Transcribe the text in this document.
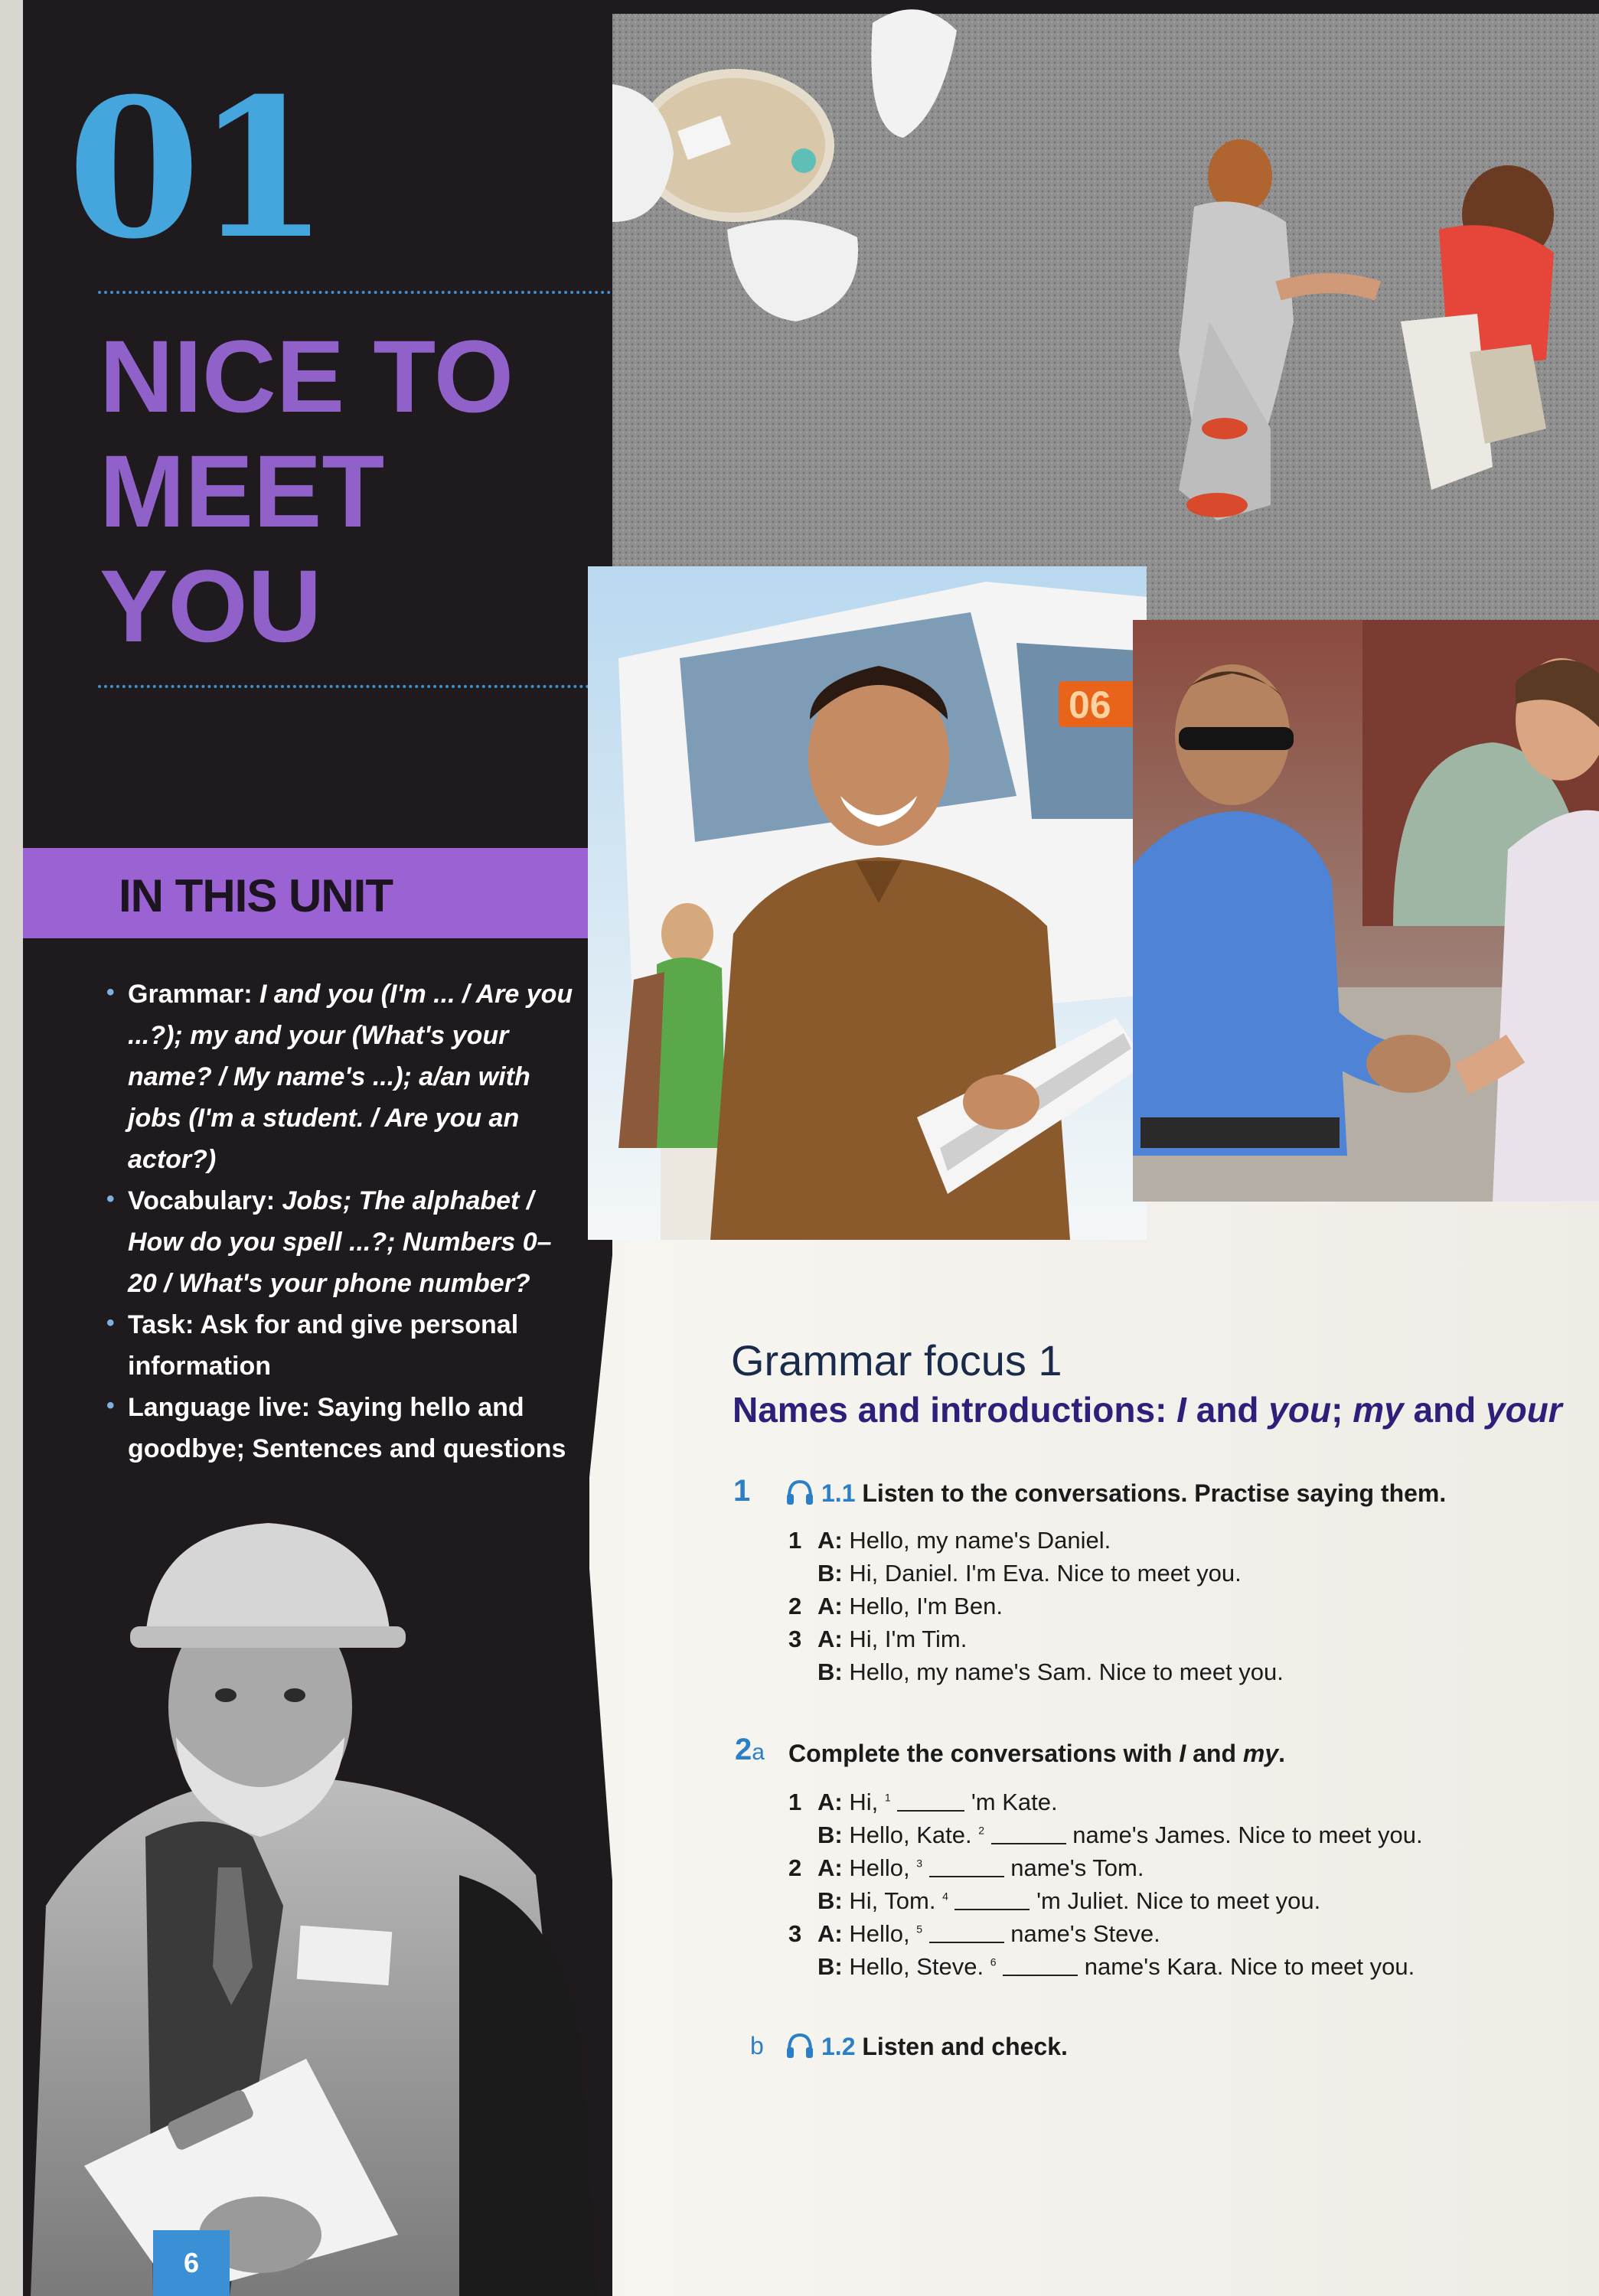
01
NICE TO
MEET
YOU
IN THIS UNIT
• Grammar: I and you (I'm ... / Are you ...?); my and your (What's your name? / My name's ...); a/an with jobs (I'm a student. / Are you an actor?)
• Vocabulary: Jobs; The alphabet / How do you spell ...?; Numbers 0–20 / What's your phone number?
• Task: Ask for and give personal information
• Language live: Saying hello and goodbye; Sentences and questions
6
06
Grammar focus 1
Names and introductions: I and you; my and your
1	1.1 Listen to the conversations. Practise saying them.
1 A: Hello, my name's Daniel.
B: Hi, Daniel. I'm Eva. Nice to meet you.
2 A: Hello, I'm Ben.
3 A: Hi, I'm Tim.
B: Hello, my name's Sam. Nice to meet you.
2a Complete the conversations with I and my.
1 A: Hi, $^1$	'm Kate.
B: Hello, Kate. $^2$	name's James. Nice to meet you.
2 A: Hello, $^3$	name's Tom.
B: Hi, Tom. $^4$	'm Juliet. Nice to meet you.
3 A: Hello, $^5$	name's Steve.
B: Hello, Steve. $^6$	name's Kara. Nice to meet you.
b	1.2 Listen and check.
